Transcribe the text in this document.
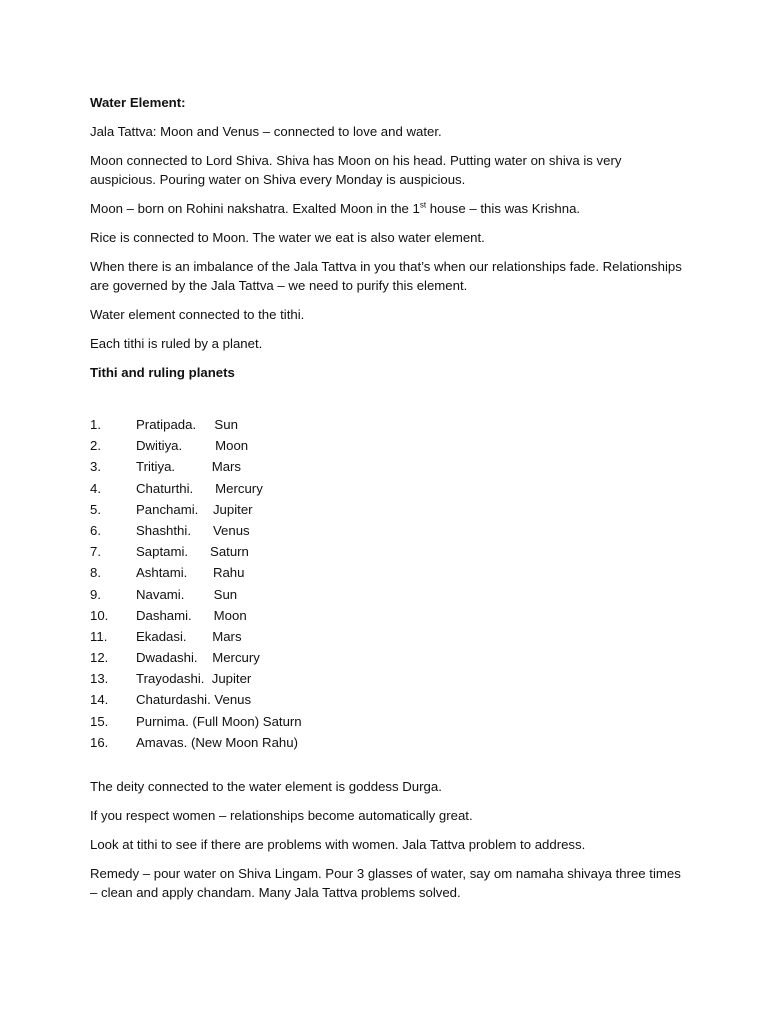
Water Element:

Jala Tattva: Moon and Venus – connected to love and water.

Moon connected to Lord Shiva. Shiva has Moon on his head. Putting water on shiva is very auspicious. Pouring water on Shiva every Monday is auspicious.

Moon – born on Rohini nakshatra. Exalted Moon in the 1st house – this was Krishna.

Rice is connected to Moon. The water we eat is also water element.

When there is an imbalance of the Jala Tattva in you that’s when our relationships fade. Relationships are governed by the Jala Tattva – we need to purify this element.

Water element connected to the tithi.

Each tithi is ruled by a planet.

Tithi and ruling planets

1.	Pratipada.     Sun
2.	Dwitiya.         Moon
3.	Tritiya.          Mars
4.	Chaturthi.      Mercury
5.	Panchami.    Jupiter
6.	Shashthi.      Venus
7.	Saptami.      Saturn
8.	Ashtami.       Rahu
9.	Navami.        Sun
10.	Dashami.      Moon
11.	Ekadasi.       Mars
12.	Dwadashi.    Mercury
13.	Trayodashi.  Jupiter
14.	Chaturdashi. Venus
15.	Purnima. (Full Moon) Saturn
16.	Amavas. (New Moon Rahu)

The deity connected to the water element is goddess Durga.

If you respect women – relationships become automatically great.

Look at tithi to see if there are problems with women. Jala Tattva problem to address.

Remedy – pour water on Shiva Lingam. Pour 3 glasses of water, say om namaha shivaya three times – clean and apply chandam. Many Jala Tattva problems solved.
